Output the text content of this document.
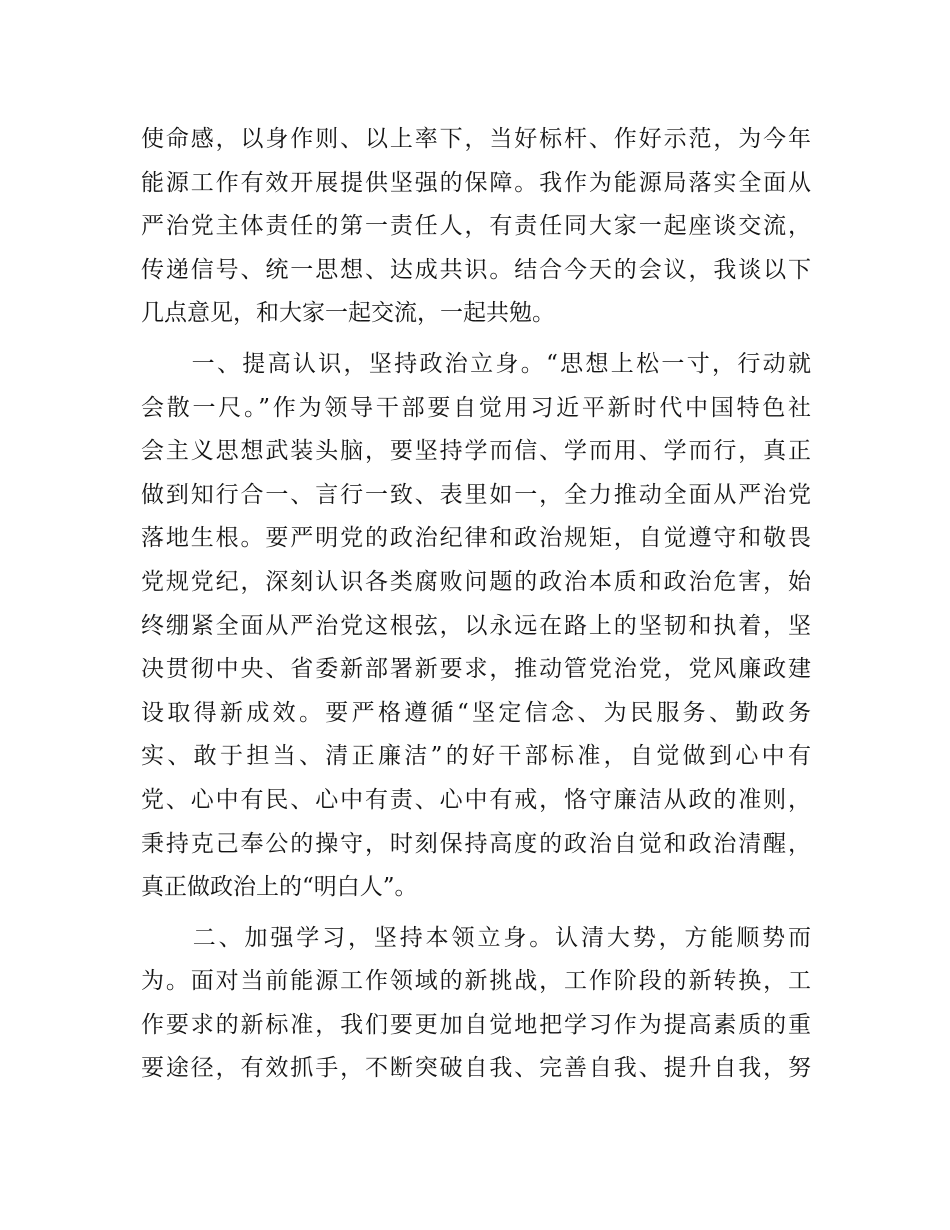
使命感，以身作则、以上率下，当好标杆、作好示范，为今年
能源工作有效开展提供坚强的保障。我作为能源局落实全面从
严治党主体责任的第一责任人，有责任同大家一起座谈交流，
传递信号、统一思想、达成共识。结合今天的会议，我谈以下
几点意见，和大家一起交流，一起共勉。
　　一、提高认识，坚持政治立身。“思想上松一寸，行动就
会散一尺。”作为领导干部要自觉用习近平新时代中国特色社
会主义思想武装头脑，要坚持学而信、学而用、学而行，真正
做到知行合一、言行一致、表里如一，全力推动全面从严治党
落地生根。要严明党的政治纪律和政治规矩，自觉遵守和敬畏
党规党纪，深刻认识各类腐败问题的政治本质和政治危害，始
终绷紧全面从严治党这根弦，以永远在路上的坚韧和执着，坚
决贯彻中央、省委新部署新要求，推动管党治党，党风廉政建
设取得新成效。要严格遵循“坚定信念、为民服务、勤政务
实、敢于担当、清正廉洁”的好干部标准，自觉做到心中有
党、心中有民、心中有责、心中有戒，恪守廉洁从政的准则，
秉持克己奉公的操守，时刻保持高度的政治自觉和政治清醒，
真正做政治上的“明白人”。
　　二、加强学习，坚持本领立身。认清大势，方能顺势而
为。面对当前能源工作领域的新挑战，工作阶段的新转换，工
作要求的新标准，我们要更加自觉地把学习作为提高素质的重
要途径，有效抓手，不断突破自我、完善自我、提升自我，努
